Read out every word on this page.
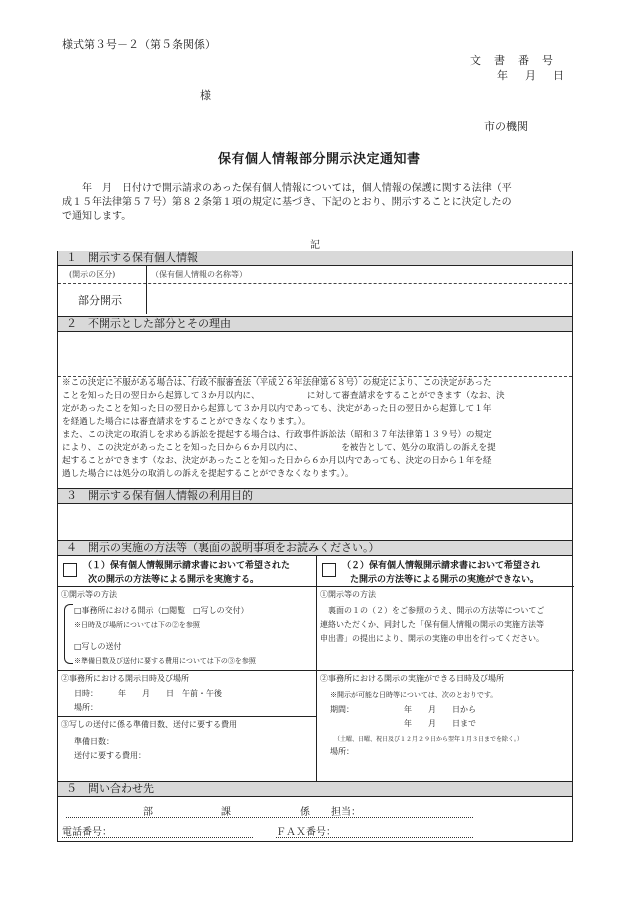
様式第３号－２（第５条関係）
文　書　番　号
年　月　日
様
市の機関
保有個人情報部分開示決定通知書
　　年　月　日付けで開示請求のあった保有個人情報については，個人情報の保護に関する法律（平
成１５年法律第５７号）第８２条第１項の規定に基づき、下記のとおり、開示することに決定したの
で通知します。
記
１　開示する保有個人情報
(開示の区分)	（保有個人情報の名称等）
部分開示
２　不開示とした部分とその理由
※この決定に不服がある場合は、行政不服審査法（平成２６年法律第６８号）の規定により、この決定があった
ことを知った日の翌日から起算して３か月以内に、　　　　　　に対して審査請求をすることができます（なお、決
定があったことを知った日の翌日から起算して３か月以内であっても、決定があった日の翌日から起算して１年
を経過した場合には審査請求をすることができなくなります。）。
また、この決定の取消しを求める訴訟を提起する場合は、行政事件訴訟法（昭和３７年法律第１３９号）の規定
により、この決定があったことを知った日から６か月以内に、　　　　　を被告として、処分の取消しの訴えを提
起することができます（なお、決定があったことを知った日から６か月以内であっても、決定の日から１年を経
過した場合には処分の取消しの訴えを提起することができなくなります。）。
３　開示する保有個人情報の利用目的
４　開示の実施の方法等（裏面の説明事項をお読みください。）
（１）保有個人情報開示請求書において希望された
次の開示の方法等による開示を実施する。
①開示等の方法
□事務所における開示（□閲覧　□写しの交付）
※日時及び場所については下の②を参照
□写しの送付
※準備日数及び送付に要する費用については下の③を参照
②事務所における開示日時及び場所
日時：　　　年　　月　　日　午前・午後
場所：
③写しの送付に係る準備日数、送付に要する費用
準備日数：
送付に要する費用：
（２）保有個人情報開示請求書において希望され
た開示の方法等による開示の実施ができない。
①開示等の方法
裏面の１の（２）をご参照のうえ、開示の方法等についてご
連絡いただくか、同封した「保有個人情報の開示の実施方法等
申出書」の提出により、開示の実施の申出を行ってください。
②事務所における開示の実施ができる日時及び場所
※開示が可能な日時等については、次のとおりです。
期間：	年　　月　　日から
年　　月　　日まで
（土曜、日曜、祝日及び１２月２９日から翌年１月３日までを除く。）
場所：
５　問い合わせ先
部	課	係 担当：
電話番号：	ＦＡＸ番号：
